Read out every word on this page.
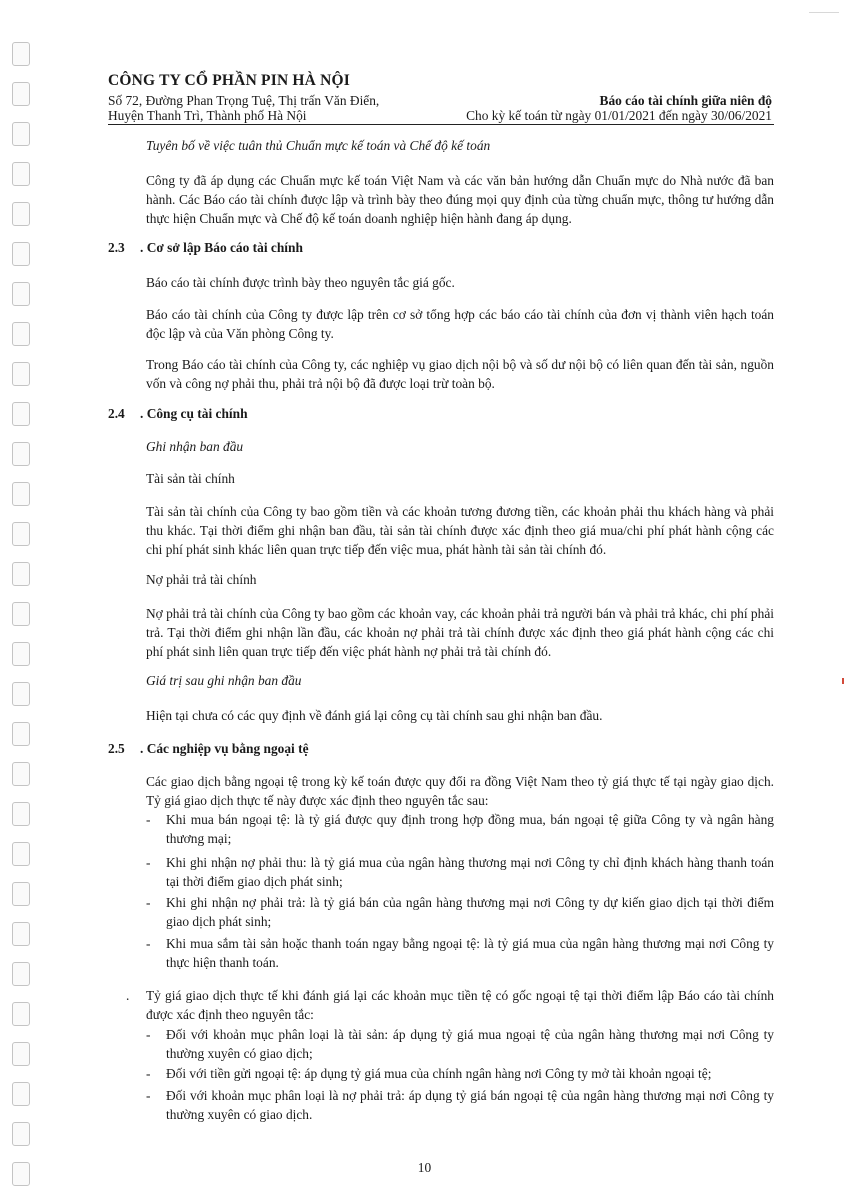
CÔNG TY CỔ PHẦN PIN HÀ NỘI

Số 72, Đường Phan Trọng Tuệ, Thị trấn Văn Điển,

Huyện Thanh Trì, Thành phố Hà Nội

Báo cáo tài chính giữa niên độ

Cho kỳ kế toán từ ngày 01/01/2021 đến ngày 30/06/2021

Tuyên bố về việc tuân thủ Chuẩn mực kế toán và Chế độ kế toán

Công ty đã áp dụng các Chuẩn mực kế toán Việt Nam và các văn bản hướng dẫn Chuẩn mực do Nhà nước đã ban hành. Các Báo cáo tài chính được lập và trình bày theo đúng mọi quy định của từng chuẩn mực, thông tư hướng dẫn thực hiện Chuẩn mực và Chế độ kế toán doanh nghiệp hiện hành đang áp dụng.

2.3 . Cơ sở lập Báo cáo tài chính

Báo cáo tài chính được trình bày theo nguyên tắc giá gốc.

Báo cáo tài chính của Công ty được lập trên cơ sở tổng hợp các báo cáo tài chính của đơn vị thành viên hạch toán độc lập và của Văn phòng Công ty.

Trong Báo cáo tài chính của Công ty, các nghiệp vụ giao dịch nội bộ và số dư nội bộ có liên quan đến tài sản, nguồn vốn và công nợ phải thu, phải trả nội bộ đã được loại trừ toàn bộ.

2.4 . Công cụ tài chính

Ghi nhận ban đầu

Tài sản tài chính

Tài sản tài chính của Công ty bao gồm tiền và các khoản tương đương tiền, các khoản phải thu khách hàng và phải thu khác. Tại thời điểm ghi nhận ban đầu, tài sản tài chính được xác định theo giá mua/chi phí phát hành cộng các chi phí phát sinh khác liên quan trực tiếp đến việc mua, phát hành tài sản tài chính đó.

Nợ phải trả tài chính

Nợ phải trả tài chính của Công ty bao gồm các khoản vay, các khoản phải trả người bán và phải trả khác, chi phí phải trả. Tại thời điểm ghi nhận lần đầu, các khoản nợ phải trả tài chính được xác định theo giá phát hành cộng các chi phí phát sinh liên quan trực tiếp đến việc phát hành nợ phải trả tài chính đó.

Giá trị sau ghi nhận ban đầu

Hiện tại chưa có các quy định về đánh giá lại công cụ tài chính sau ghi nhận ban đầu.

2.5 . Các nghiệp vụ bằng ngoại tệ

Các giao dịch bằng ngoại tệ trong kỳ kế toán được quy đổi ra đồng Việt Nam theo tỷ giá thực tế tại ngày giao dịch. Tỷ giá giao dịch thực tế này được xác định theo nguyên tắc sau:

- Khi mua bán ngoại tệ: là tỷ giá được quy định trong hợp đồng mua, bán ngoại tệ giữa Công ty và ngân hàng thương mại;

- Khi ghi nhận nợ phải thu: là tỷ giá mua của ngân hàng thương mại nơi Công ty chỉ định khách hàng thanh toán tại thời điểm giao dịch phát sinh;

- Khi ghi nhận nợ phải trả: là tỷ giá bán của ngân hàng thương mại nơi Công ty dự kiến giao dịch tại thời điểm giao dịch phát sinh;

- Khi mua sắm tài sản hoặc thanh toán ngay bằng ngoại tệ: là tỷ giá mua của ngân hàng thương mại nơi Công ty thực hiện thanh toán.

. Tỷ giá giao dịch thực tế khi đánh giá lại các khoản mục tiền tệ có gốc ngoại tệ tại thời điểm lập Báo cáo tài chính được xác định theo nguyên tắc:

- Đối với khoản mục phân loại là tài sản: áp dụng tỷ giá mua ngoại tệ của ngân hàng thương mại nơi Công ty thường xuyên có giao dịch;

- Đối với tiền gửi ngoại tệ: áp dụng tỷ giá mua của chính ngân hàng nơi Công ty mở tài khoản ngoại tệ;

- Đối với khoản mục phân loại là nợ phải trả: áp dụng tỷ giá bán ngoại tệ của ngân hàng thương mại nơi Công ty thường xuyên có giao dịch.

10
